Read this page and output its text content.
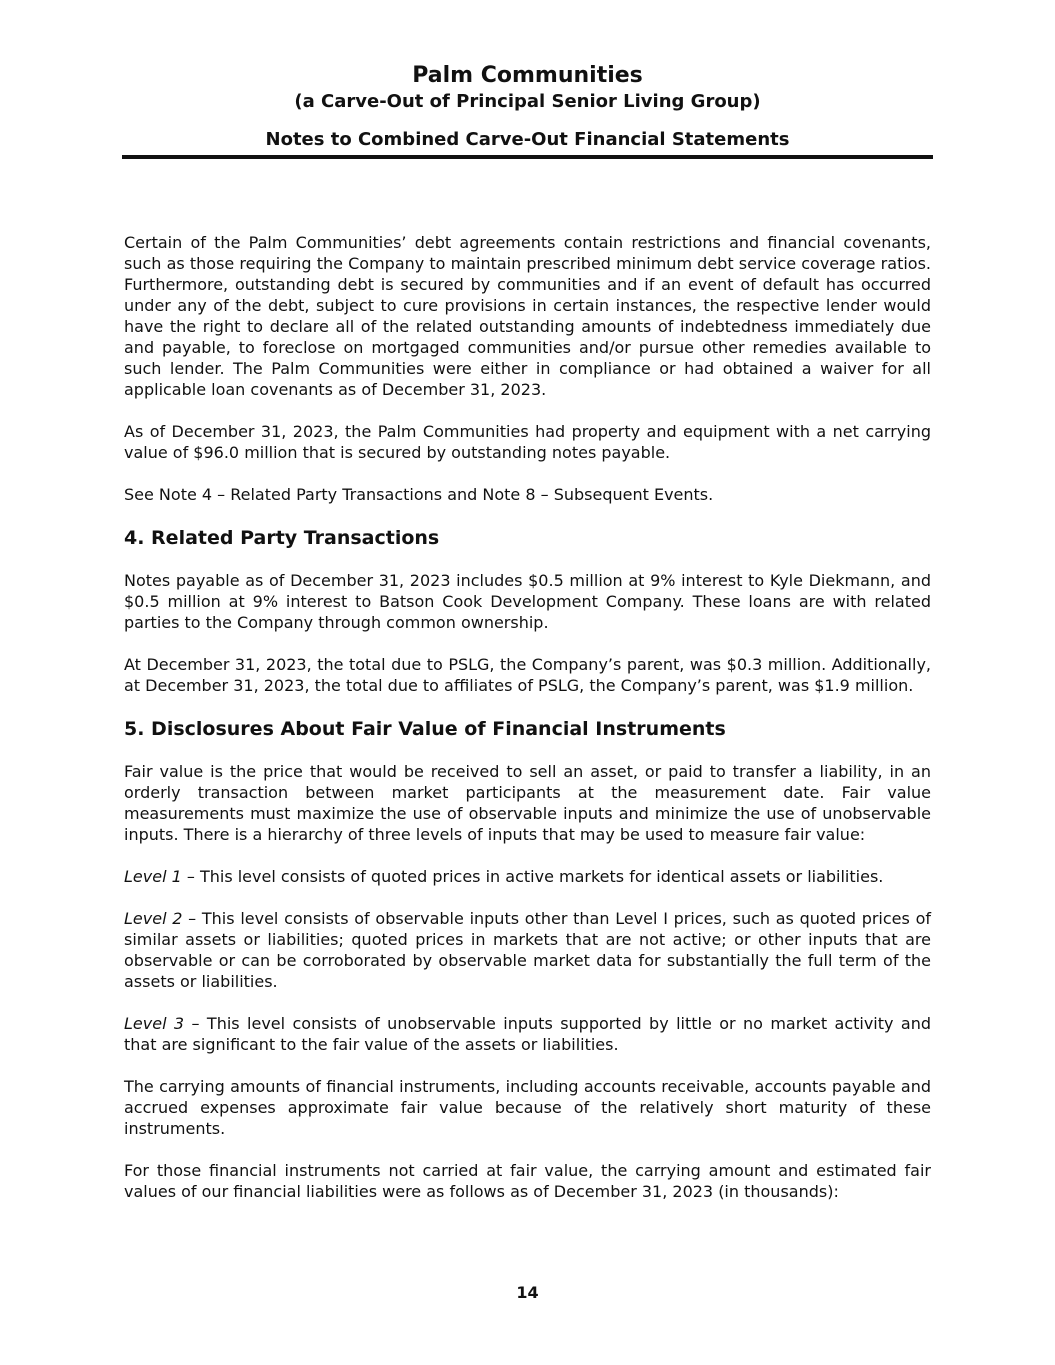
Palm Communities
(a Carve-Out of Principal Senior Living Group)
Notes to Combined Carve-Out Financial Statements

Certain of the Palm Communities’ debt agreements contain restrictions and financial covenants, such as those requiring the Company to maintain prescribed minimum debt service coverage ratios. Furthermore, outstanding debt is secured by communities and if an event of default has occurred under any of the debt, subject to cure provisions in certain instances, the respective lender would have the right to declare all of the related outstanding amounts of indebtedness immediately due and payable, to foreclose on mortgaged communities and/or pursue other remedies available to such lender. The Palm Communities were either in compliance or had obtained a waiver for all applicable loan covenants as of December 31, 2023.

As of December 31, 2023, the Palm Communities had property and equipment with a net carrying value of $96.0 million that is secured by outstanding notes payable.

See Note 4 – Related Party Transactions and Note 8 – Subsequent Events.

4. Related Party Transactions

Notes payable as of December 31, 2023 includes $0.5 million at 9% interest to Kyle Diekmann, and $0.5 million at 9% interest to Batson Cook Development Company. These loans are with related parties to the Company through common ownership.

At December 31, 2023, the total due to PSLG, the Company’s parent, was $0.3 million. Additionally, at December 31, 2023, the total due to affiliates of PSLG, the Company’s parent, was $1.9 million.

5. Disclosures About Fair Value of Financial Instruments

Fair value is the price that would be received to sell an asset, or paid to transfer a liability, in an orderly transaction between market participants at the measurement date. Fair value measurements must maximize the use of observable inputs and minimize the use of unobservable inputs. There is a hierarchy of three levels of inputs that may be used to measure fair value:

Level 1 – This level consists of quoted prices in active markets for identical assets or liabilities.

Level 2 – This level consists of observable inputs other than Level I prices, such as quoted prices of similar assets or liabilities; quoted prices in markets that are not active; or other inputs that are observable or can be corroborated by observable market data for substantially the full term of the assets or liabilities.

Level 3 – This level consists of unobservable inputs supported by little or no market activity and that are significant to the fair value of the assets or liabilities.

The carrying amounts of financial instruments, including accounts receivable, accounts payable and accrued expenses approximate fair value because of the relatively short maturity of these instruments.

For those financial instruments not carried at fair value, the carrying amount and estimated fair values of our financial liabilities were as follows as of December 31, 2023 (in thousands):

14
